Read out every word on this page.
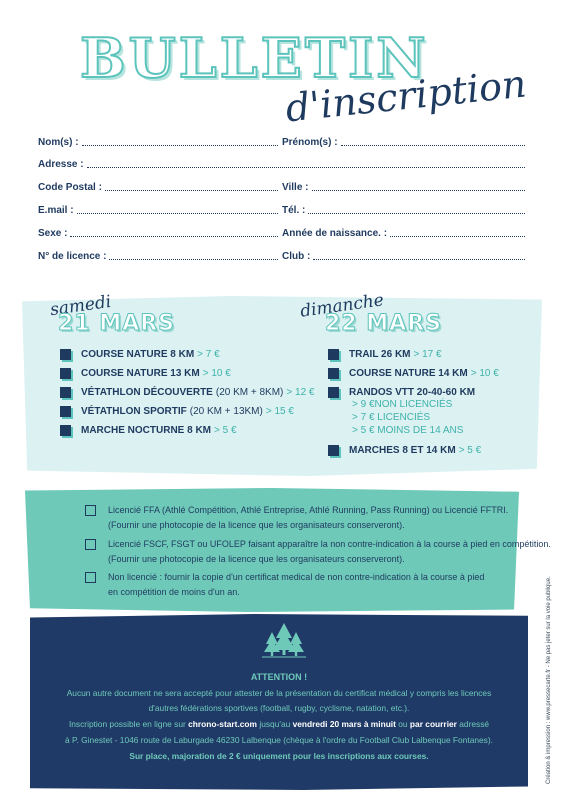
BULLETIN
d'inscription
Nom(s) :	Prénom(s) :
Adresse :
Code Postal :	Ville :
E.mail :	Tél. :
Sexe :	Année de naissance. :
N° de licence :	Club :
samedi
21 MARS
dimanche
22 MARS
COURSE NATURE 8 KM > 7 €
COURSE NATURE 13 KM > 10 €
VÉTATHLON DÉCOUVERTE (20 KM + 8KM) > 12 €
VÉTATHLON SPORTIF (20 KM + 13KM) > 15 €
MARCHE NOCTURNE 8 KM > 5 €
TRAIL 26 KM > 17 €
COURSE NATURE 14 KM > 10 €
RANDOS VTT 20-40-60 KM
> 9 €NON LICENCIÉS
> 7 € LICENCIÉS
> 5 € MOINS DE 14 ANS
MARCHES 8 ET 14 KM > 5 €
Licencié FFA (Athlé Compétition, Athlé Entreprise, Athlé Running, Pass Running) ou Licencié FFTRI.
(Fournir une photocopie de la licence que les organisateurs conserveront).
Licencié FSCF, FSGT ou UFOLEP faisant apparaître la non contre-indication à la course à pied en compétition.
(Fournir une photocopie de la licence que les organisateurs conserveront).
Non licencié : fournir la copie d'un certificat medical de non contre-indication à la course à pied
en compétition de moins d'un an.
ATTENTION !
Aucun autre document ne sera accepté pour attester de la présentation du certificat médical y compris les licences
d'autres fédérations sportives (football, rugby, cyclisme, natation, etc.).
Inscription possible en ligne sur chrono-start.com jusqu'au vendredi 20 mars à minuit ou par courrier adressé
à P. Ginestet - 1046 route de Laburgade 46230 Lalbenque (chèque à l'ordre du Football Club Lalbenque Fontanes).
Sur place, majoration de 2 € uniquement pour les inscriptions aux courses.	Création & impression : www.pressecarte.fr - Ne pas jeter sur la voie publique.
